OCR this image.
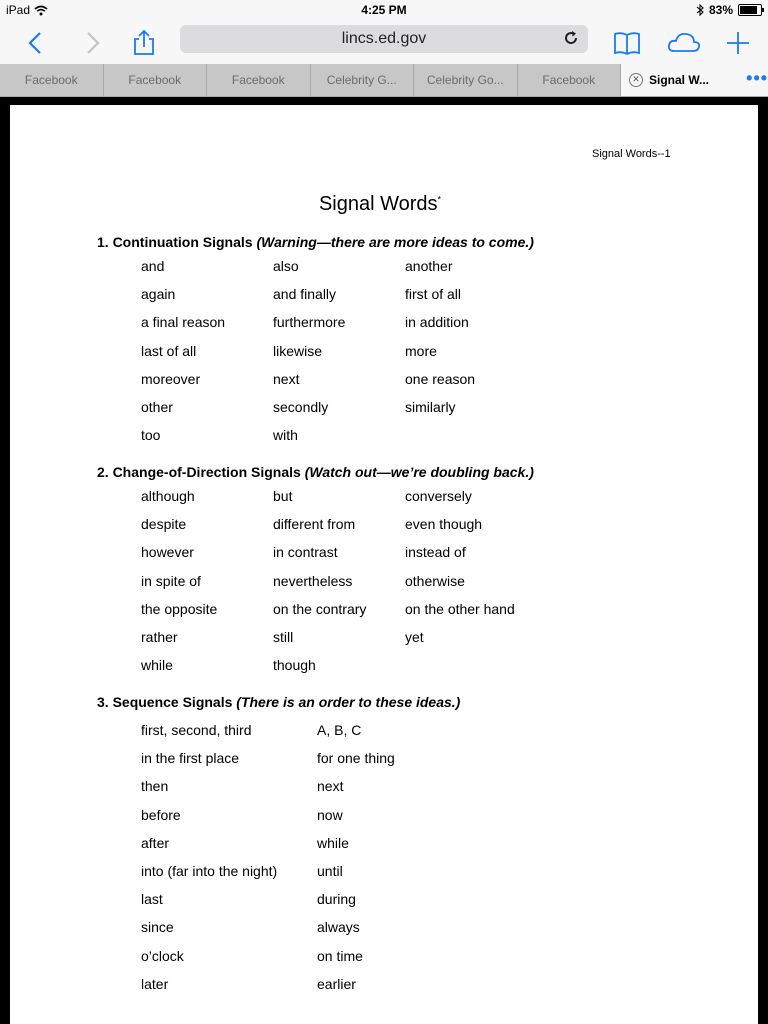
iPad	4:25 PM	83%
lincs.ed.gov
Facebook	Facebook	Facebook	Celebrity G...	Celebrity Go...	Facebook	✕ Signal W... •••
Signal Words--1
Signal Words*
1. Continuation Signals (Warning—there are more ideas to come.)
and	also	another
again	and finally	first of all
a final reason	furthermore	in addition
last of all	likewise	more
moreover	next	one reason
other	secondly	similarly
too	with
2. Change-of-Direction Signals (Watch out—we’re doubling back.)
although	but	conversely
despite	different from	even though
however	in contrast	instead of
in spite of	nevertheless	otherwise
the opposite	on the contrary	on the other hand
rather	still	yet
while	though
3. Sequence Signals (There is an order to these ideas.)
first, second, third	A, B, C
in the first place	for one thing
then	next
before	now
after	while
into (far into the night)	until
last	during
since	always
o’clock	on time
later	earlier
